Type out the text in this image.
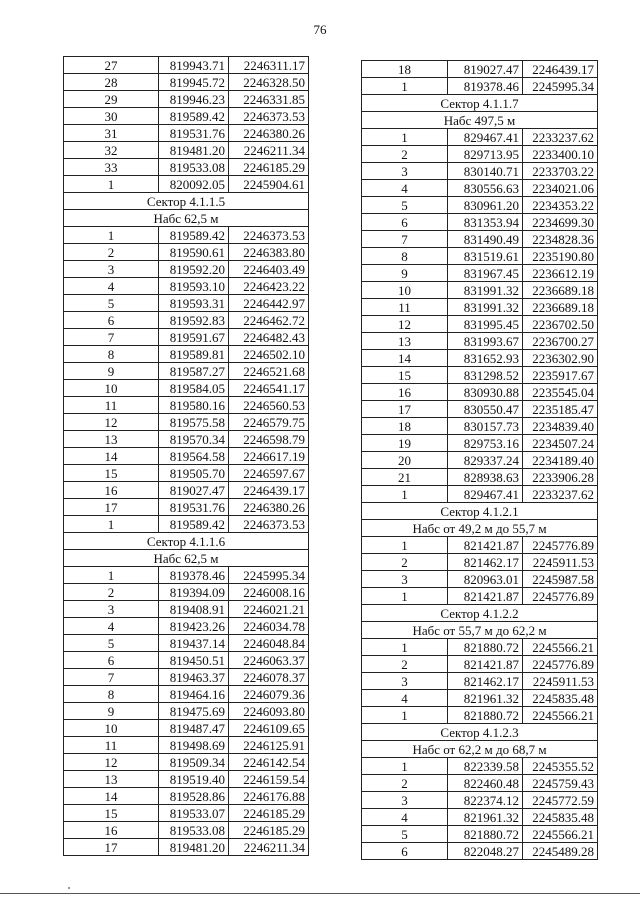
76
27	819943.71	2246311.17
28	819945.72	2246328.50
29	819946.23	2246331.85
30	819589.42	2246373.53
31	819531.76	2246380.26
32	819481.20	2246211.34
33	819533.08	2246185.29
1	820092.05	2245904.61
Сектор 4.1.1.5		
Набс 62,5 м		
1	819589.42	2246373.53
2	819590.61	2246383.80
3	819592.20	2246403.49
4	819593.10	2246423.22
5	819593.31	2246442.97
6	819592.83	2246462.72
7	819591.67	2246482.43
8	819589.81	2246502.10
9	819587.27	2246521.68
10	819584.05	2246541.17
11	819580.16	2246560.53
12	819575.58	2246579.75
13	819570.34	2246598.79
14	819564.58	2246617.19
15	819505.70	2246597.67
16	819027.47	2246439.17
17	819531.76	2246380.26
1	819589.42	2246373.53
Сектор 4.1.1.6		
Набс 62,5 м		
1	819378.46	2245995.34
2	819394.09	2246008.16
3	819408.91	2246021.21
4	819423.26	2246034.78
5	819437.14	2246048.84
6	819450.51	2246063.37
7	819463.37	2246078.37
8	819464.16	2246079.36
9	819475.69	2246093.80
10	819487.47	2246109.65
11	819498.69	2246125.91
12	819509.34	2246142.54
13	819519.40	2246159.54
14	819528.86	2246176.88
15	819533.07	2246185.29
16	819533.08	2246185.29
17	819481.20	2246211.34
18	819027.47	2246439.17
1	819378.46	2245995.34
Сектор 4.1.1.7		
Набс 497,5 м		
1	829467.41	2233237.62
2	829713.95	2233400.10
3	830140.71	2233703.22
4	830556.63	2234021.06
5	830961.20	2234353.22
6	831353.94	2234699.30
7	831490.49	2234828.36
8	831519.61	2235190.80
9	831967.45	2236612.19
10	831991.32	2236689.18
11	831991.32	2236689.18
12	831995.45	2236702.50
13	831993.67	2236700.27
14	831652.93	2236302.90
15	831298.52	2235917.67
16	830930.88	2235545.04
17	830550.47	2235185.47
18	830157.73	2234839.40
19	829753.16	2234507.24
20	829337.24	2234189.40
21	828938.63	2233906.28
1	829467.41	2233237.62
Сектор 4.1.2.1		
Набс от 49,2 м до 55,7 м		
1	821421.87	2245776.89
2	821462.17	2245911.53
3	820963.01	2245987.58
1	821421.87	2245776.89
Сектор 4.1.2.2		
Набс от 55,7 м до 62,2 м		
1	821880.72	2245566.21
2	821421.87	2245776.89
3	821462.17	2245911.53
4	821961.32	2245835.48
1	821880.72	2245566.21
Сектор 4.1.2.3		
Набс от 62,2 м до 68,7 м		
1	822339.58	2245355.52
2	822460.48	2245759.43
3	822374.12	2245772.59
4	821961.32	2245835.48
5	821880.72	2245566.21
6	822048.27	2245489.28
